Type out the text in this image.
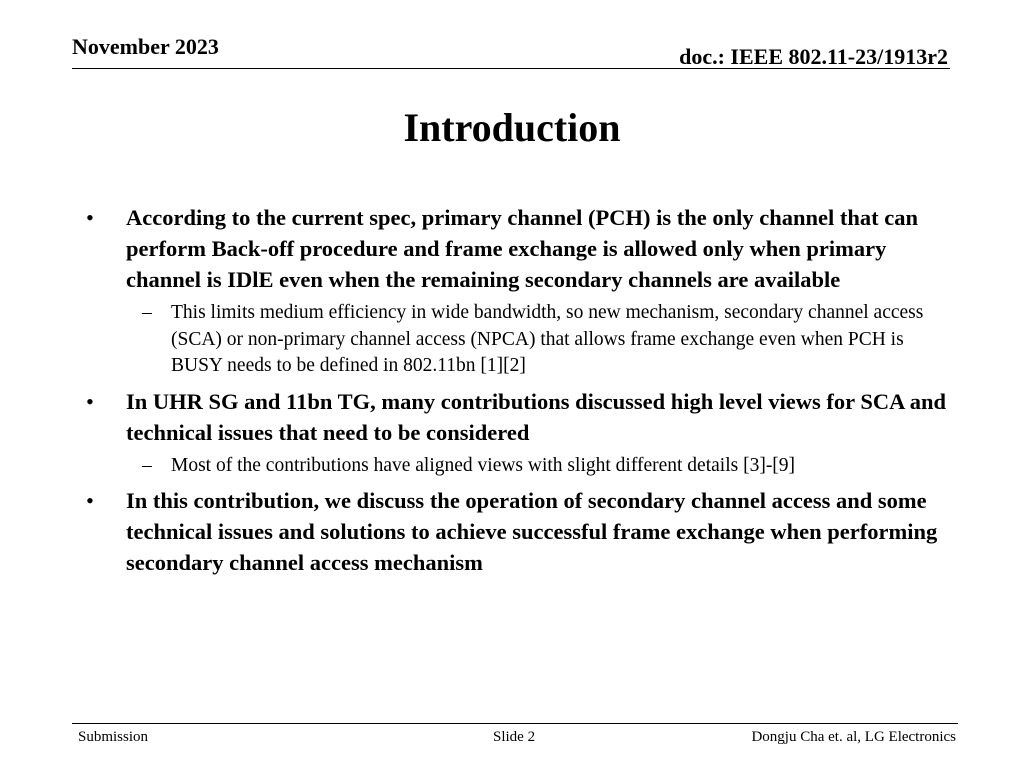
November 2023	doc.: IEEE 802.11-23/1913r2
Introduction
• According to the current spec, primary channel (PCH) is the only channel that can perform Back-off procedure and frame exchange is allowed only when primary channel is IDlE even when the remaining secondary channels are available
– This limits medium efficiency in wide bandwidth, so new mechanism, secondary channel access (SCA) or non-primary channel access (NPCA) that allows frame exchange even when PCH is BUSY needs to be defined in 802.11bn [1][2]
• In UHR SG and 11bn TG, many contributions discussed high level views for SCA and technical issues that need to be considered
– Most of the contributions have aligned views with slight different details [3]-[9]
• In this contribution, we discuss the operation of secondary channel access and some technical issues and solutions to achieve successful frame exchange when performing secondary channel access mechanism
Submission	Slide 2	Dongju Cha et. al, LG Electronics
